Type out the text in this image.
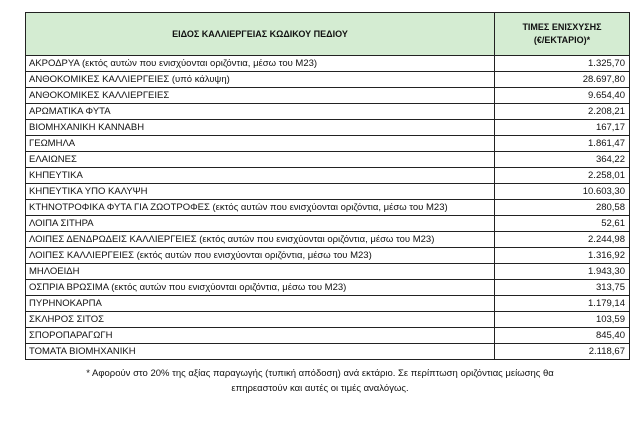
ΕΙΔΟΣ ΚΑΛΛΙΕΡΓΕΙΑΣ ΚΩΔΙΚΟΥ ΠΕΔΙΟΥ	ΤΙΜΕΣ ΕΝΙΣΧΥΣΗΣ
(€/ΕΚΤΑΡΙΟ)*
ΑΚΡΟΔΡΥΑ (εκτός αυτών που ενισχύονται οριζόντια, μέσω του Μ23)	1.325,70
ΑΝΘΟΚΟΜΙΚΕΣ ΚΑΛΛΙΕΡΓΕΙΕΣ (υπό κάλυψη)	28.697,80
ΑΝΘΟΚΟΜΙΚΕΣ ΚΑΛΛΙΕΡΓΕΙΕΣ	9.654,40
ΑΡΩΜΑΤΙΚΑ ΦΥΤΑ	2.208,21
ΒΙΟΜΗΧΑΝΙΚΗ ΚΑΝΝΑΒΗ	167,17
ΓΕΩΜΗΛΑ	1.861,47
ΕΛΑΙΩΝΕΣ	364,22
ΚΗΠΕΥΤΙΚΑ	2.258,01
ΚΗΠΕΥΤΙΚΑ ΥΠΟ ΚΑΛΥΨΗ	10.603,30
ΚΤΗΝΟΤΡΟΦΙΚΑ ΦΥΤΑ ΓΙΑ ΖΩΟΤΡΟΦΕΣ (εκτός αυτών που ενισχύονται οριζόντια, μέσω του Μ23)	280,58
ΛΟΙΠΑ ΣΙΤΗΡΑ	52,61
ΛΟΙΠΕΣ ΔΕΝΔΡΩΔΕΙΣ ΚΑΛΛΙΕΡΓΕΙΕΣ (εκτός αυτών που ενισχύονται οριζόντια, μέσω του Μ23)	2.244,98
ΛΟΙΠΕΣ ΚΑΛΛΙΕΡΓΕΙΕΣ (εκτός αυτών που ενισχύονται οριζόντια, μέσω του Μ23)	1.316,92
ΜΗΛΟΕΙΔΗ	1.943,30
ΟΣΠΡΙΑ ΒΡΩΣΙΜΑ (εκτός αυτών που ενισχύονται οριζόντια, μέσω του Μ23)	313,75
ΠΥΡΗΝΟΚΑΡΠΑ	1.179,14
ΣΚΛΗΡΟΣ ΣΙΤΟΣ	103,59
ΣΠΟΡΟΠΑΡΑΓΩΓΗ	845,40
ΤΟΜΑΤΑ ΒΙΟΜΗΧΑΝΙΚΗ	2.118,67
* Αφορούν στο 20% της αξίας παραγωγής (τυπική απόδοση) ανά εκτάριο. Σε περίπτωση οριζόντιας μείωσης θα
επηρεαστούν και αυτές οι τιμές αναλόγως.
